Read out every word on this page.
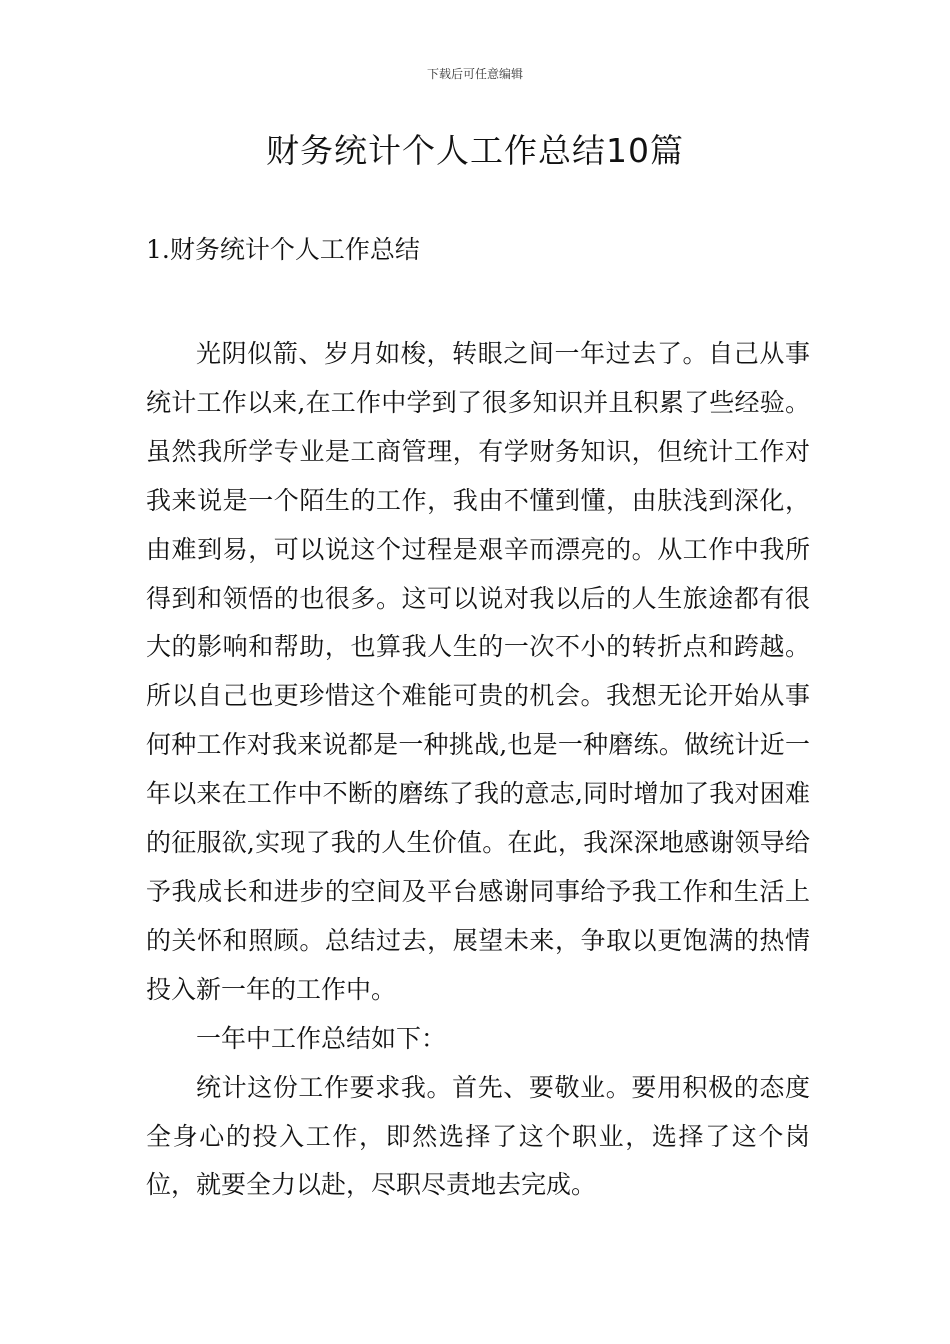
下载后可任意编辑
财务统计个人工作总结10篇
1.财务统计个人工作总结

光阴似箭、岁月如梭，转眼之间一年过去了。自己从事统计工作以来,在工作中学到了很多知识并且积累了些经验。虽然我所学专业是工商管理，有学财务知识，但统计工作对我来说是一个陌生的工作，我由不懂到懂，由肤浅到深化，由难到易，可以说这个过程是艰辛而漂亮的。从工作中我所得到和领悟的也很多。这可以说对我以后的人生旅途都有很大的影响和帮助，也算我人生的一次不小的转折点和跨越。所以自己也更珍惜这个难能可贵的机会。我想无论开始从事何种工作对我来说都是一种挑战,也是一种磨练。做统计近一年以来在工作中不断的磨练了我的意志,同时增加了我对困难的征服欲,实现了我的人生价值。在此，我深深地感谢领导给予我成长和进步的空间及平台感谢同事给予我工作和生活上的关怀和照顾。总结过去，展望未来，争取以更饱满的热情投入新一年的工作中。

一年中工作总结如下：

统计这份工作要求我。首先、要敬业。要用积极的态度全身心的投入工作，即然选择了这个职业，选择了这个岗位，就要全力以赴，尽职尽责地去完成。
